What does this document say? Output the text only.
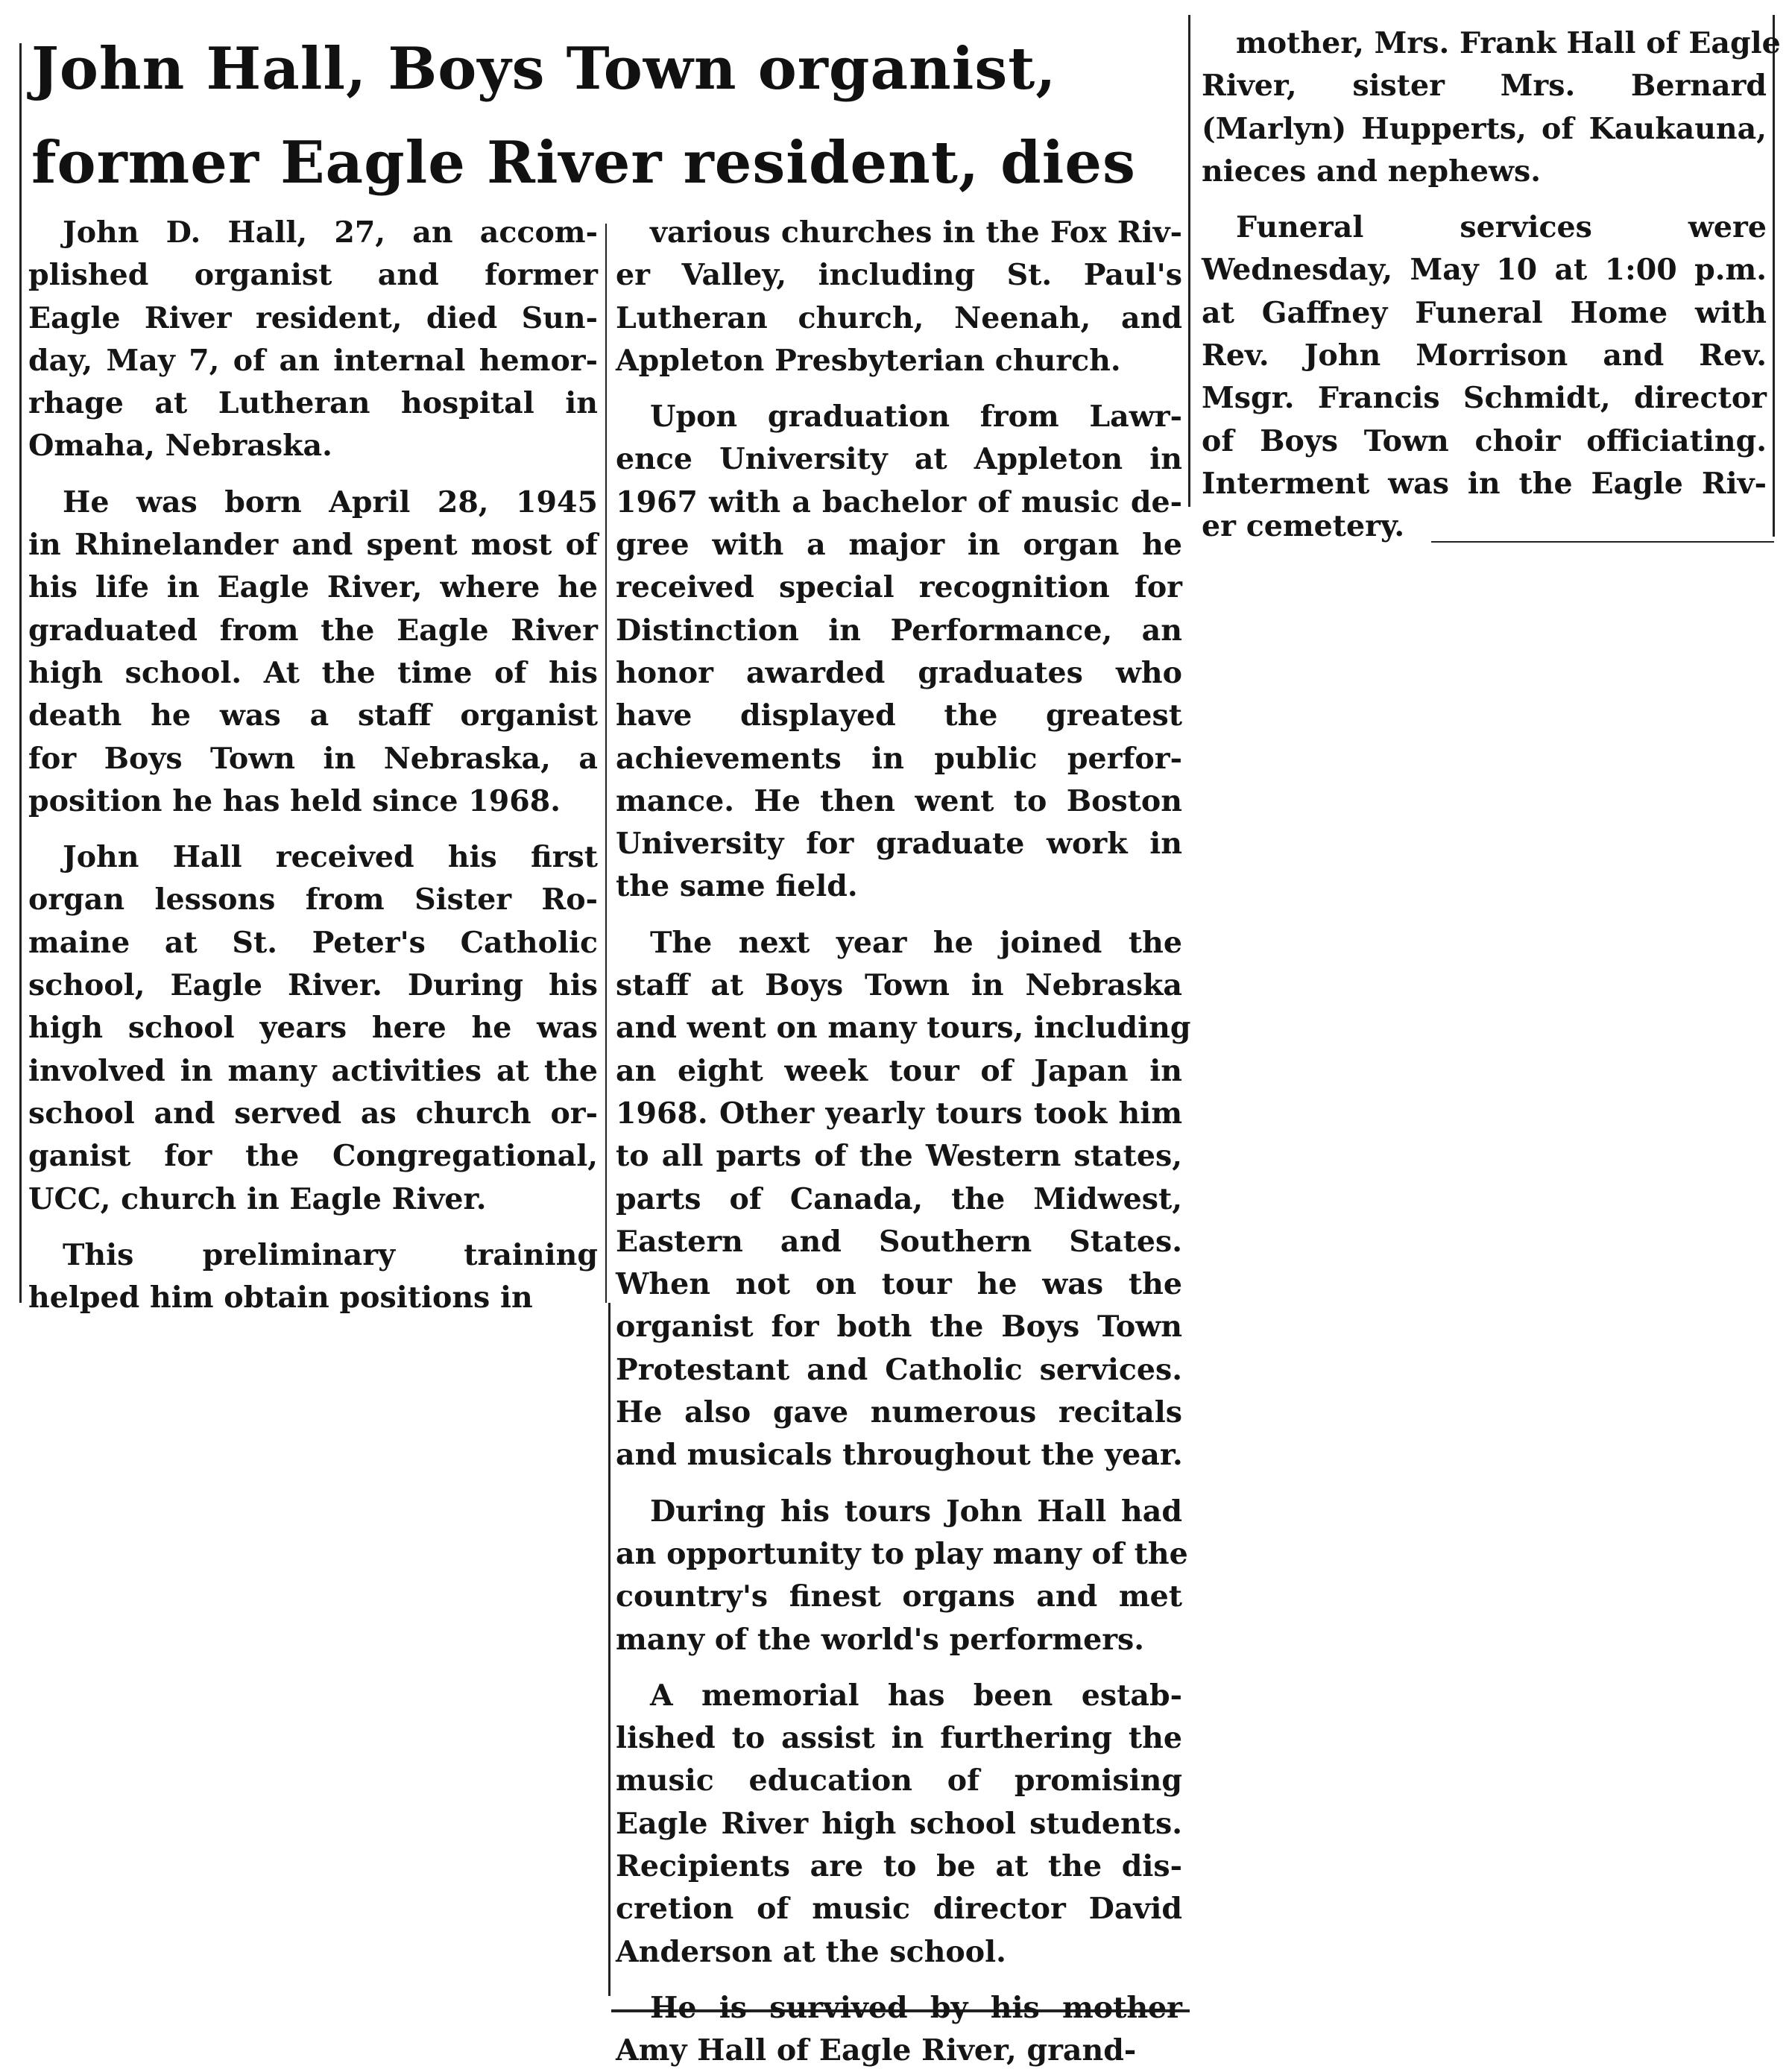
John Hall, Boys Town organist,
former Eagle River resident, dies

John D. Hall, 27, an accom-
plished organist and former
Eagle River resident, died Sun-
day, May 7, of an internal hemor-
rhage at Lutheran hospital in
Omaha, Nebraska.

He was born April 28, 1945
in Rhinelander and spent most of
his life in Eagle River, where he
graduated from the Eagle River
high school. At the time of his
death he was a staff organist
for Boys Town in Nebraska, a
position he has held since 1968.

John Hall received his first
organ lessons from Sister Ro-
maine at St. Peter's Catholic
school, Eagle River. During his
high school years here he was
involved in many activities at the
school and served as church or-
ganist for the Congregational,
UCC, church in Eagle River.

This preliminary training
helped him obtain positions in

various churches in the Fox Riv-
er Valley, including St. Paul's
Lutheran church, Neenah, and
Appleton Presbyterian church.

Upon graduation from Lawr-
ence University at Appleton in
1967 with a bachelor of music de-
gree with a major in organ he
received special recognition for
Distinction in Performance, an
honor awarded graduates who
have displayed the greatest
achievements in public perfor-
mance. He then went to Boston
University for graduate work in
the same field.

The next year he joined the
staff at Boys Town in Nebraska
and went on many tours, including
an eight week tour of Japan in
1968. Other yearly tours took him
to all parts of the Western states,
parts of Canada, the Midwest,
Eastern and Southern States.
When not on tour he was the
organist for both the Boys Town
Protestant and Catholic services.
He also gave numerous recitals
and musicals throughout the year.

During his tours John Hall had
an opportunity to play many of the
country's finest organs and met
many of the world's performers.

A memorial has been estab-
lished to assist in furthering the
music education of promising
Eagle River high school students.
Recipients are to be at the dis-
cretion of music director David
Anderson at the school.

He is survived by his mother
Amy Hall of Eagle River, grand-

mother, Mrs. Frank Hall of Eagle
River, sister Mrs. Bernard
(Marlyn) Hupperts, of Kaukauna,
nieces and nephews.

Funeral services were
Wednesday, May 10 at 1:00 p.m.
at Gaffney Funeral Home with
Rev. John Morrison and Rev.
Msgr. Francis Schmidt, director
of Boys Town choir officiating.
Interment was in the Eagle Riv-
er cemetery.
